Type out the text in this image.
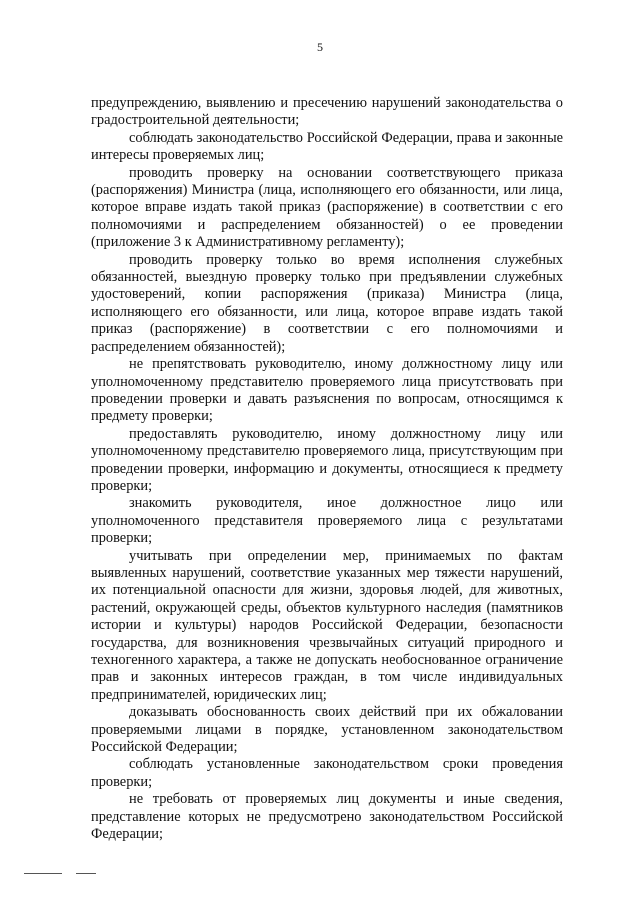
5

предупреждению, выявлению и пресечению нарушений законодательства о градостроительной деятельности;

соблюдать законодательство Российской Федерации, права и законные интересы проверяемых лиц;

проводить проверку на основании соответствующего приказа (распоряжения) Министра (лица, исполняющего его обязанности, или лица, которое вправе издать такой приказ (распоряжение) в соответствии с его полномочиями и распределением обязанностей) о ее проведении (приложение 3 к Административному регламенту);

проводить проверку только во время исполнения служебных обязанностей, выездную проверку только при предъявлении служебных удостоверений, копии распоряжения (приказа) Министра (лица, исполняющего его обязанности, или лица, которое вправе издать такой приказ (распоряжение) в соответствии с его полномочиями и распределением обязанностей);

не препятствовать руководителю, иному должностному лицу или уполномоченному представителю проверяемого лица присутствовать при проведении проверки и давать разъяснения по вопросам, относящимся к предмету проверки;

предоставлять руководителю, иному должностному лицу или уполномоченному представителю проверяемого лица, присутствующим при проведении проверки, информацию и документы, относящиеся к предмету проверки;

знакомить руководителя, иное должностное лицо или уполномоченного представителя проверяемого лица с результатами проверки;

учитывать при определении мер, принимаемых по фактам выявленных нарушений, соответствие указанных мер тяжести нарушений, их потенциальной опасности для жизни, здоровья людей, для животных, растений, окружающей среды, объектов культурного наследия (памятников истории и культуры) народов Российской Федерации, безопасности государства, для возникновения чрезвычайных ситуаций природного и техногенного характера, а также не допускать необоснованное ограничение прав и законных интересов граждан, в том числе индивидуальных предпринимателей, юридических лиц;

доказывать обоснованность своих действий при их обжаловании проверяемыми лицами в порядке, установленном законодательством Российской Федерации;

соблюдать установленные законодательством сроки проведения проверки;

не требовать от проверяемых лиц документы и иные сведения, представление которых не предусмотрено законодательством Российской Федерации;
